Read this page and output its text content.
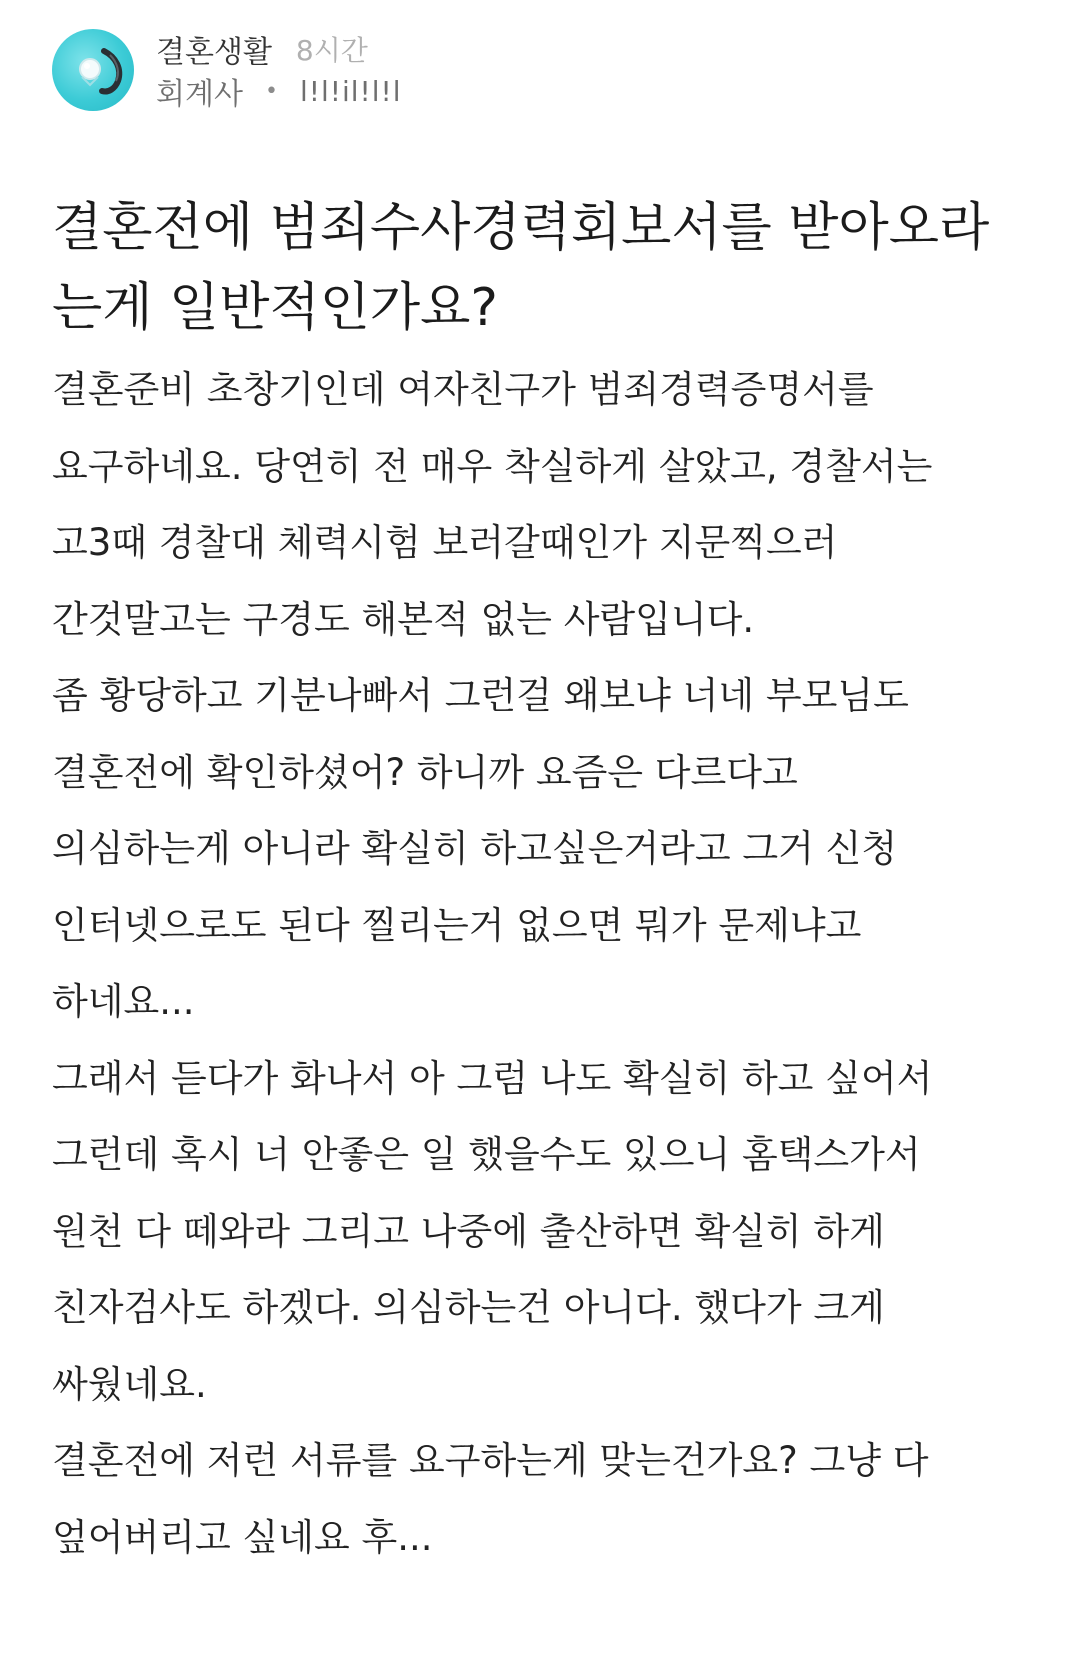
결혼생활 8시간
회계사 • l!l!il!l!l
결혼전에 범죄수사경력회보서를 받아오라는게 일반적인가요?

결혼준비 초창기인데 여자친구가 범죄경력증명서를 요구하네요. 당연히 전 매우 착실하게 살았고, 경찰서는 고3때 경찰대 체력시험 보러갈때인가 지문찍으러 간것말고는 구경도 해본적 없는 사람입니다.

좀 황당하고 기분나빠서 그런걸 왜보냐 너네 부모님도 결혼전에 확인하셨어? 하니까 요즘은 다르다고 의심하는게 아니라 확실히 하고싶은거라고 그거 신청 인터넷으로도 된다 찔리는거 없으면 뭐가 문제냐고 하네요...

그래서 듣다가 화나서 아 그럼 나도 확실히 하고 싶어서 그런데 혹시 너 안좋은 일 했을수도 있으니 홈택스가서 원천 다 떼와라 그리고 나중에 출산하면 확실히 하게 친자검사도 하겠다. 의심하는건 아니다. 했다가 크게 싸웠네요.

결혼전에 저런 서류를 요구하는게 맞는건가요? 그냥 다 엎어버리고 싶네요 후...
